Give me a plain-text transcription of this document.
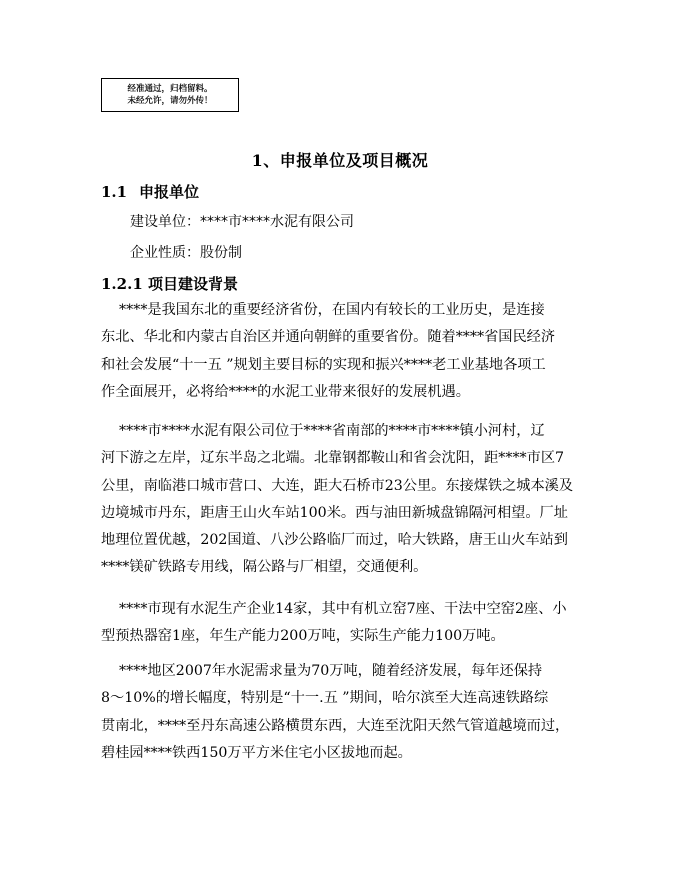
经准通过，归档留料。
未经允许，请勿外传！
1、申报单位及项目概况
1.1 申报单位
建设单位：****市****水泥有限公司
企业性质：股份制
1.2.1 项目建设背景
****是我国东北的重要经济省份，在国内有较长的工业历史，是连接
东北、华北和内蒙古自治区并通向朝鲜的重要省份。随着****省国民经济
和社会发展“十一五 ”规划主要目标的实现和振兴****老工业基地各项工
作全面展开，必将给****的水泥工业带来很好的发展机遇。
****市****水泥有限公司位于****省南部的****市****镇小河村，辽
河下游之左岸，辽东半岛之北端。北靠钢都鞍山和省会沈阳，距****市区7
公里，南临港口城市营口、大连，距大石桥市23公里。东接煤铁之城本溪及
边境城市丹东，距唐王山火车站100米。西与油田新城盘锦隔河相望。厂址
地理位置优越，202国道、八沙公路临厂而过，哈大铁路，唐王山火车站到
****镁矿铁路专用线，隔公路与厂相望，交通便利。
****市现有水泥生产企业14家，其中有机立窑7座、干法中空窑2座、小
型预热器窑1座，年生产能力200万吨，实际生产能力100万吨。
****地区2007年水泥需求量为70万吨，随着经济发展，每年还保持
8～10%的增长幅度，特别是“十一.五 ”期间，哈尔滨至大连高速铁路综
贯南北，****至丹东高速公路横贯东西，大连至沈阳天然气管道越境而过，
碧桂园****铁西150万平方米住宅小区拔地而起。
